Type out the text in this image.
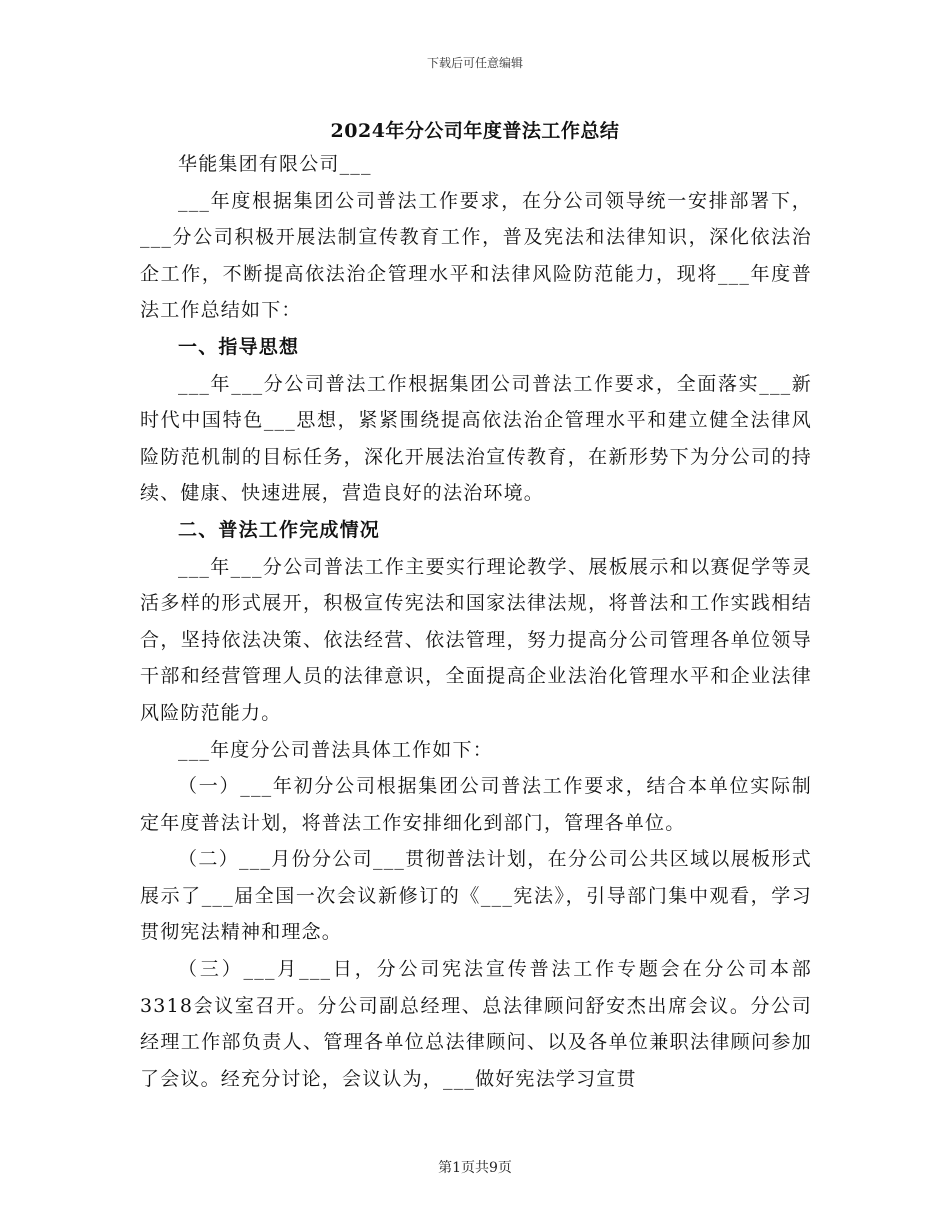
下载后可任意编辑
2024年分公司年度普法工作总结

华能集团有限公司___

___年度根据集团公司普法工作要求，在分公司领导统一安排部署下，___分公司积极开展法制宣传教育工作，普及宪法和法律知识，深化依法治企工作，不断提高依法治企管理水平和法律风险防范能力，现将___年度普法工作总结如下：

一、指导思想

___年___分公司普法工作根据集团公司普法工作要求，全面落实___新时代中国特色___思想，紧紧围绕提高依法治企管理水平和建立健全法律风险防范机制的目标任务，深化开展法治宣传教育，在新形势下为分公司的持续、健康、快速进展，营造良好的法治环境。

二、普法工作完成情况

___年___分公司普法工作主要实行理论教学、展板展示和以赛促学等灵活多样的形式展开，积极宣传宪法和国家法律法规，将普法和工作实践相结合，坚持依法决策、依法经营、依法管理，努力提高分公司管理各单位领导干部和经营管理人员的法律意识，全面提高企业法治化管理水平和企业法律风险防范能力。

___年度分公司普法具体工作如下：

（一）___年初分公司根据集团公司普法工作要求，结合本单位实际制定年度普法计划，将普法工作安排细化到部门，管理各单位。

（二）___月份分公司___贯彻普法计划，在分公司公共区域以展板形式展示了___届全国一次会议新修订的《___宪法》，引导部门集中观看，学习贯彻宪法精神和理念。

（三）___月___日，分公司宪法宣传普法工作专题会在分公司本部3318会议室召开。分公司副总经理、总法律顾问舒安杰出席会议。分公司经理工作部负责人、管理各单位总法律顾问、以及各单位兼职法律顾问参加了会议。经充分讨论，会议认为，___做好宪法学习宣贯

第1页共9页
